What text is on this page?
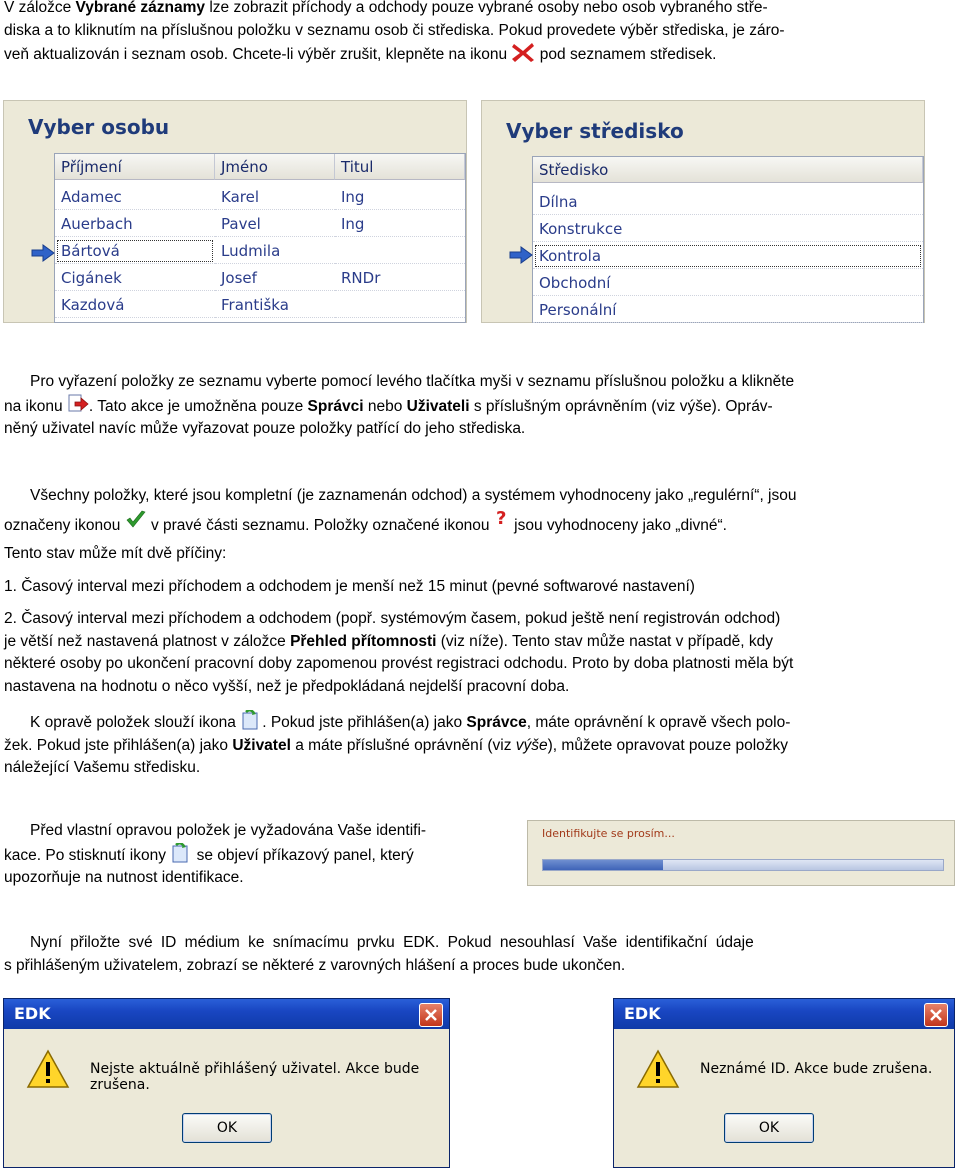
V záložce Vybrané záznamy lze zobrazit příchody a odchody pouze vybrané osoby nebo osob vybraného stře-
diska a to kliknutím na příslušnou položku v seznamu osob či střediska. Pokud provedete výběr střediska, je záro-
veň aktualizován i seznam osob. Chcete-li výběr zrušit, klepněte na ikonu
pod seznamem středisek.
Vyber osobu
Příjmení	Jméno	Titul
Adamec	Karel	Ing
Auerbach	Pavel	Ing
Bártová	Ludmila
Cigánek	Josef	RNDr
Kazdová	Františka
Vyber středisko
Středisko
Dílna
Konstrukce
Kontrola
Obchodní
Personální
Pro vyřazení položky ze seznamu vyberte pomocí levého tlačítka myši v seznamu příslušnou položku a klikněte
na ikonu
. Tato akce je umožněna pouze Správci nebo Uživateli s příslušným oprávněním (viz výše). Opráv-
něný uživatel navíc může vyřazovat pouze položky patřící do jeho střediska.
Všechny položky, které jsou kompletní (je zaznamenán odchod) a systémem vyhodnoceny jako „regulérní“, jsou
označeny ikonou
v pravé části seznamu. Položky označené ikonou ? jsou vyhodnoceny jako „divné“.
Tento stav může mít dvě příčiny:
1. Časový interval mezi příchodem a odchodem je menší než 15 minut (pevné softwarové nastavení)
2. Časový interval mezi příchodem a odchodem (popř. systémovým časem, pokud ještě není registrován odchod)
je větší než nastavená platnost v záložce Přehled přítomnosti (viz níže). Tento stav může nastat v případě, kdy
některé osoby po ukončení pracovní doby zapomenou provést registraci odchodu. Proto by doba platnosti měla být
nastavena na hodnotu o něco vyšší, než je předpokládaná nejdelší pracovní doba.
K opravě položek slouží ikona
. Pokud jste přihlášen(a) jako Správce, máte oprávnění k opravě všech polo-
žek. Pokud jste přihlášen(a) jako Uživatel a máte příslušné oprávnění (viz výše), můžete opravovat pouze položky
náležející Vašemu středisku.
Před vlastní opravou položek je vyžadována Vaše identifi-
kace. Po stisknutí ikony
se objeví příkazový panel, který
upozorňuje na nutnost identifikace.
Identifikujte se prosím...
Nyní přiložte své ID médium ke snímacímu prvku EDK. Pokud nesouhlasí Vaše identifikační údaje
s přihlášeným uživatelem, zobrazí se některé z varovných hlášení a proces bude ukončen.
EDK
Nejste aktuálně přihlášený uživatel. Akce bude zrušena.
OK
EDK
Neznámé ID. Akce bude zrušena.
OK
